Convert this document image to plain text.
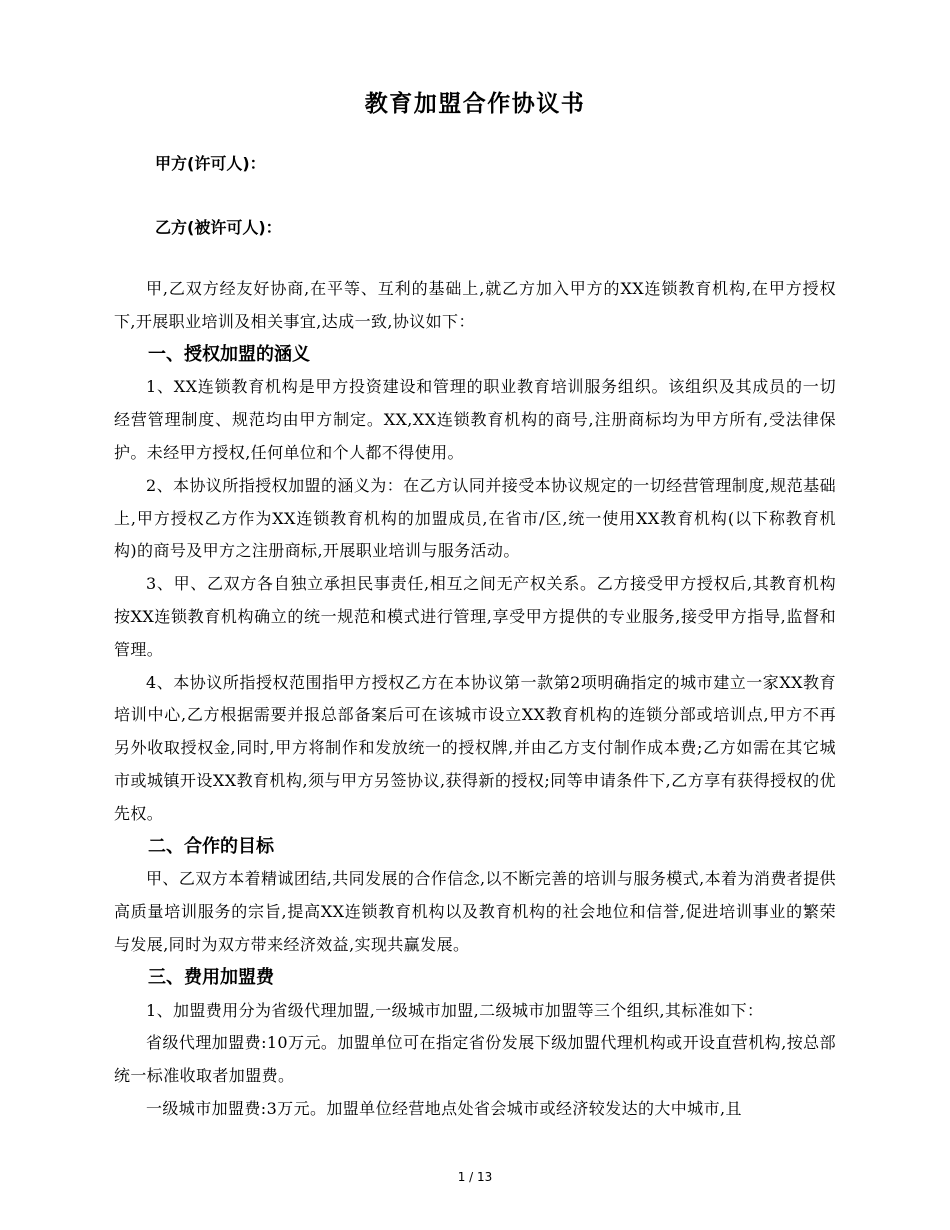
教育加盟合作协议书
甲方(许可人)：
乙方(被许可人)：

甲,乙双方经友好协商,在平等、互利的基础上,就乙方加入甲方的XX连锁教育机构,在甲方授权下,开展职业培训及相关事宜,达成一致,协议如下：

一、授权加盟的涵义

1、XX连锁教育机构是甲方投资建设和管理的职业教育培训服务组织。该组织及其成员的一切经营管理制度、规范均由甲方制定。XX,XX连锁教育机构的商号,注册商标均为甲方所有,受法律保护。未经甲方授权,任何单位和个人都不得使用。

2、本协议所指授权加盟的涵义为：在乙方认同并接受本协议规定的一切经营管理制度,规范基础上,甲方授权乙方作为XX连锁教育机构的加盟成员,在省市/区,统一使用XX教育机构(以下称教育机构)的商号及甲方之注册商标,开展职业培训与服务活动。

3、甲、乙双方各自独立承担民事责任,相互之间无产权关系。乙方接受甲方授权后,其教育机构按XX连锁教育机构确立的统一规范和模式进行管理,享受甲方提供的专业服务,接受甲方指导,监督和管理。

4、本协议所指授权范围指甲方授权乙方在本协议第一款第2项明确指定的城市建立一家XX教育培训中心,乙方根据需要并报总部备案后可在该城市设立XX教育机构的连锁分部或培训点,甲方不再另外收取授权金,同时,甲方将制作和发放统一的授权牌,并由乙方支付制作成本费;乙方如需在其它城市或城镇开设XX教育机构,须与甲方另签协议,获得新的授权;同等申请条件下,乙方享有获得授权的优先权。

二、合作的目标

甲、乙双方本着精诚团结,共同发展的合作信念,以不断完善的培训与服务模式,本着为消费者提供高质量培训服务的宗旨,提高XX连锁教育机构以及教育机构的社会地位和信誉,促进培训事业的繁荣与发展,同时为双方带来经济效益,实现共赢发展。

三、费用加盟费

1、加盟费用分为省级代理加盟,一级城市加盟,二级城市加盟等三个组织,其标准如下：

省级代理加盟费:10万元。加盟单位可在指定省份发展下级加盟代理机构或开设直营机构,按总部统一标准收取者加盟费。

一级城市加盟费:3万元。加盟单位经营地点处省会城市或经济较发达的大中城市,且

1 / 13
